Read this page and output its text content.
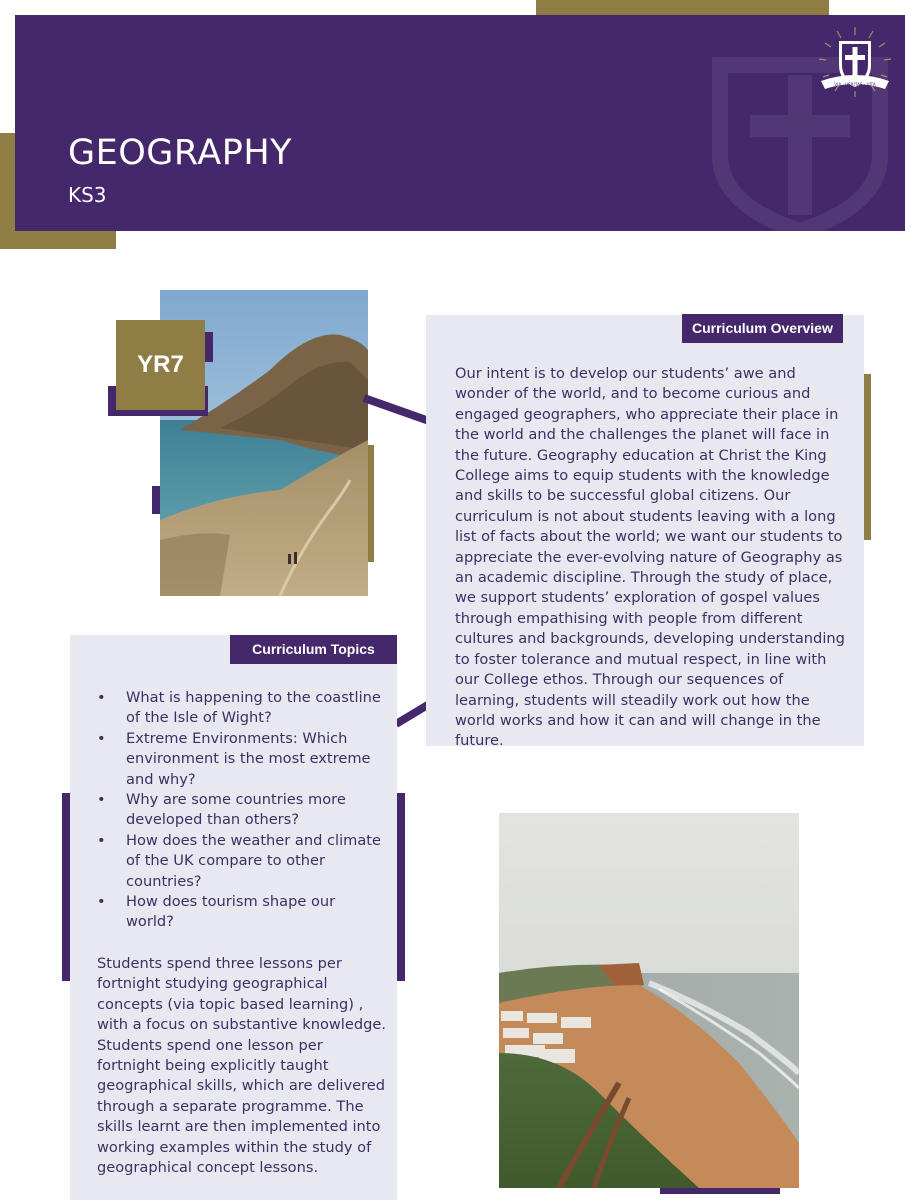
GEOGRAPHY
KS3
VIA · VERITAS · VITA
YR7
Curriculum Overview
Our intent is to develop our students’ awe and wonder of the world, and to become curious and engaged geographers, who appreciate their place in the world and the challenges the planet will face in the future. Geography education at Christ the King College aims to equip students with the knowledge and skills to be successful global citizens. Our curriculum is not about students leaving with a long list of facts about the world; we want our students to appreciate the ever-evolving nature of Geography as an academic discipline. Through the study of place, we support students’ exploration of gospel values through empathising with people from different cultures and backgrounds, developing understanding to foster tolerance and mutual respect, in line with our College ethos. Through our sequences of learning, students will steadily work out how the world works and how it can and will change in the future.
Curriculum Topics
• What is happening to the coastline of the Isle of Wight?
• Extreme Environments: Which environment is the most extreme and why?
• Why are some countries more developed than others?
• How does the weather and climate of the UK compare to other countries?
• How does tourism shape our world?
Students spend three lessons per fortnight studying geographical concepts (via topic based learning) , with a focus on substantive knowledge. Students spend one lesson per fortnight being explicitly taught geographical skills, which are delivered through a separate programme. The skills learnt are then implemented into working examples within the study of geographical concept lessons.
